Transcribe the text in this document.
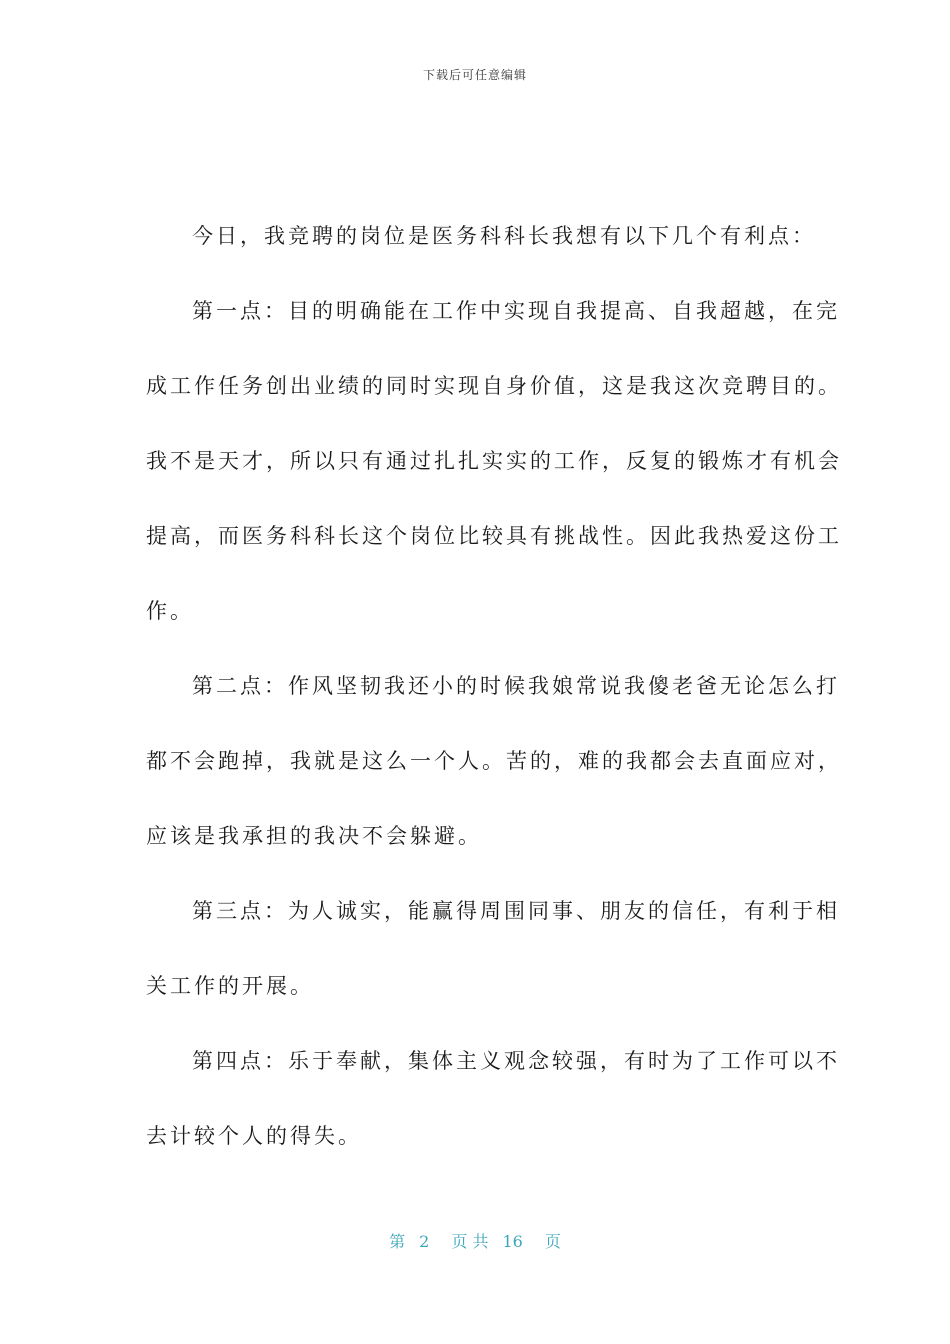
下载后可任意编辑
今日，我竞聘的岗位是医务科科长我想有以下几个有利点：
第一点：目的明确能在工作中实现自我提高、自我超越，在完
成工作任务创出业绩的同时实现自身价值，这是我这次竞聘目的。
我不是天才，所以只有通过扎扎实实的工作，反复的锻炼才有机会
提高，而医务科科长这个岗位比较具有挑战性。因此我热爱这份工
作。
第二点：作风坚韧我还小的时候我娘常说我傻老爸无论怎么打
都不会跑掉，我就是这么一个人。苦的，难的我都会去直面应对，
应该是我承担的我决不会躲避。
第三点：为人诚实，能赢得周围同事、朋友的信任，有利于相
关工作的开展。
第四点：乐于奉献，集体主义观念较强，有时为了工作可以不
去计较个人的得失。
第 2 页 共 16 页
